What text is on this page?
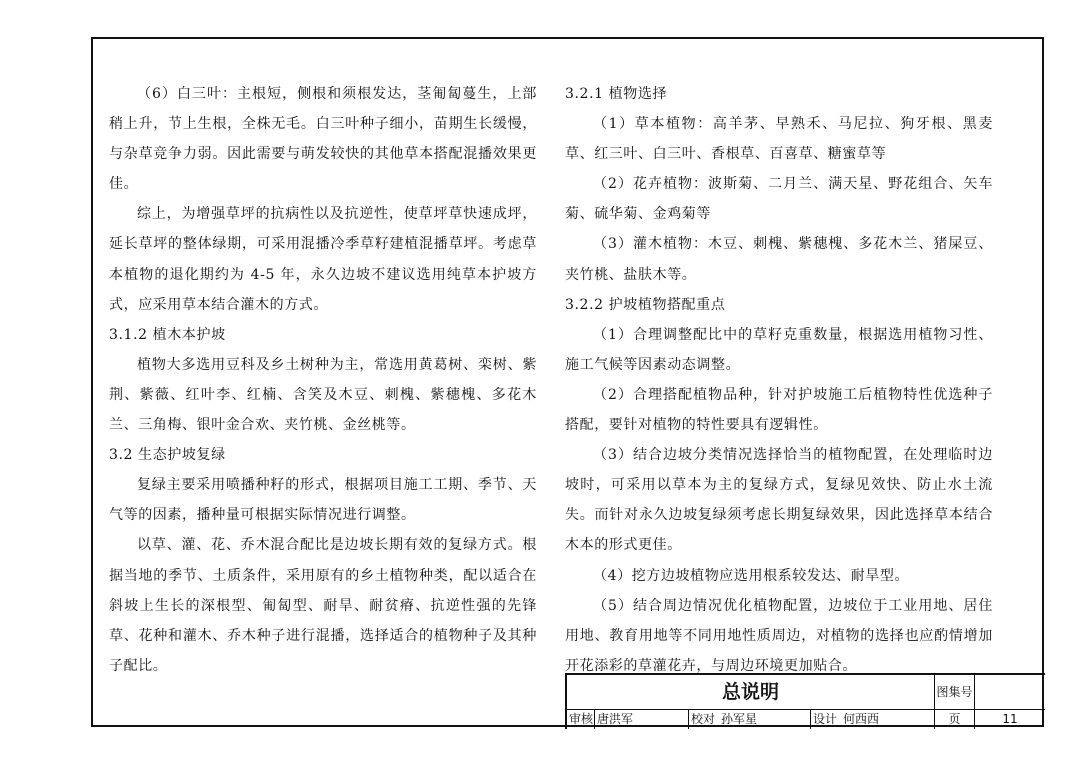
（6）白三叶：主根短，侧根和须根发达，茎匍匐蔓生，上部稍上升，节上生根，全株无毛。白三叶种子细小，苗期生长缓慢，与杂草竞争力弱。因此需要与萌发较快的其他草本搭配混播效果更佳。

综上，为增强草坪的抗病性以及抗逆性，使草坪草快速成坪，延长草坪的整体绿期，可采用混播冷季草籽建植混播草坪。考虑草本植物的退化期约为 4-5 年，永久边坡不建议选用纯草本护坡方式，应采用草本结合灌木的方式。

3.1.2 植木本护坡

植物大多选用豆科及乡土树种为主，常选用黄葛树、栾树、紫荆、紫薇、红叶李、红楠、含笑及木豆、刺槐、紫穗槐、多花木兰、三角梅、银叶金合欢、夹竹桃、金丝桃等。

3.2 生态护坡复绿

复绿主要采用喷播种籽的形式，根据项目施工工期、季节、天气等的因素，播种量可根据实际情况进行调整。

以草、灌、花、乔木混合配比是边坡长期有效的复绿方式。根据当地的季节、土质条件，采用原有的乡土植物种类，配以适合在斜坡上生长的深根型、匍匐型、耐旱、耐贫瘠、抗逆性强的先锋草、花种和灌木、乔木种子进行混播，选择适合的植物种子及其种子配比。

3.2.1 植物选择

（1）草本植物：高羊茅、早熟禾、马尼拉、狗牙根、黑麦草、红三叶、白三叶、香根草、百喜草、糖蜜草等

（2）花卉植物：波斯菊、二月兰、满天星、野花组合、矢车菊、硫华菊、金鸡菊等

（3）灌木植物：木豆、刺槐、紫穗槐、多花木兰、猪屎豆、夹竹桃、盐肤木等。

3.2.2 护坡植物搭配重点

（1）合理调整配比中的草籽克重数量，根据选用植物习性、施工气候等因素动态调整。

（2）合理搭配植物品种，针对护坡施工后植物特性优选种子搭配，要针对植物的特性要具有逻辑性。

（3）结合边坡分类情况选择恰当的植物配置，在处理临时边坡时，可采用以草本为主的复绿方式，复绿见效快、防止水土流失。而针对永久边坡复绿须考虑长期复绿效果，因此选择草本结合木本的形式更佳。

（4）挖方边坡植物应选用根系较发达、耐旱型。

（5）结合周边情况优化植物配置，边坡位于工业用地、居住用地、教育用地等不同用地性质周边，对植物的选择也应酌情增加开花添彩的草灌花卉，与周边环境更加贴合。

总说明	图集号
审核 唐洪军	校对 孙军星	设计 何西西	页	11
